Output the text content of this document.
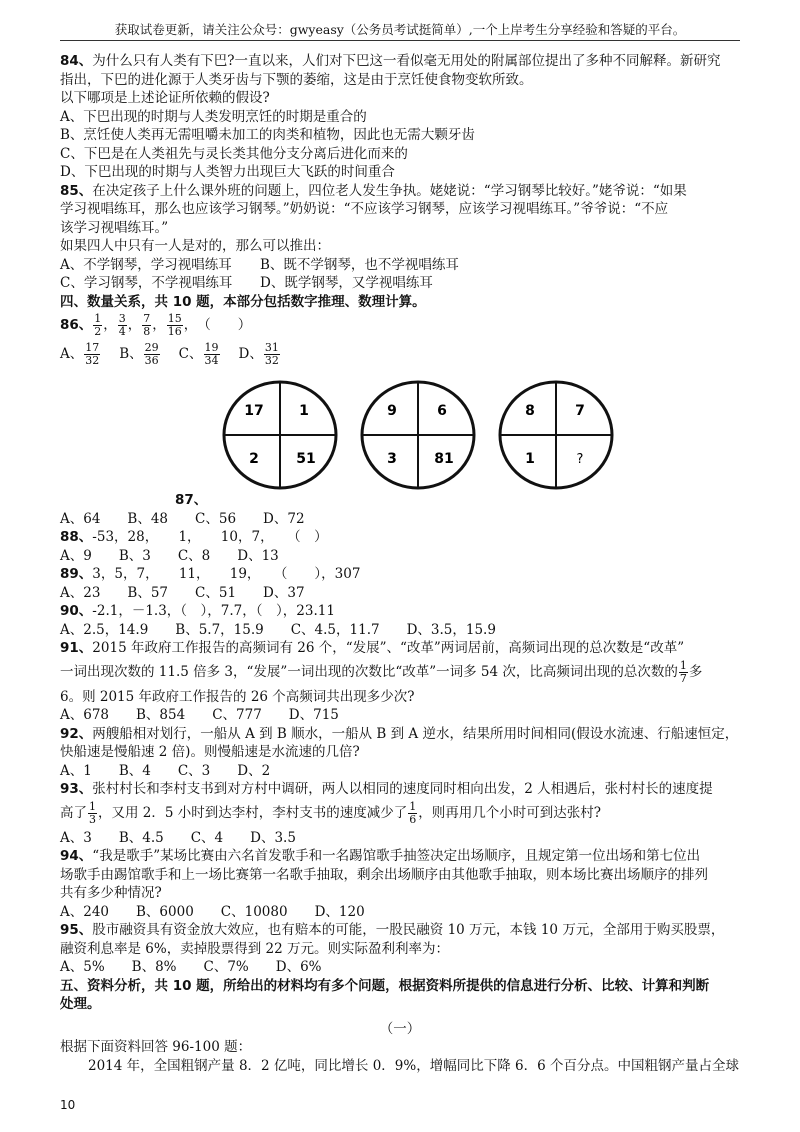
获取试卷更新，请关注公众号：gwyeasy（公务员考试挺简单）,一个上岸考生分享经验和答疑的平台。
84、为什么只有人类有下巴?一直以来，人们对下巴这一看似毫无用处的附属部位提出了多种不同解释。新研究
指出，下巴的进化源于人类牙齿与下颚的萎缩，这是由于烹饪使食物变软所致。
以下哪项是上述论证所依赖的假设?
A、下巴出现的时期与人类发明烹饪的时期是重合的
B、烹饪使人类再无需咀嚼未加工的肉类和植物，因此也无需大颗牙齿
C、下巴是在人类祖先与灵长类其他分支分离后进化而来的
D、下巴出现的时期与人类智力出现巨大飞跃的时间重合
85、在决定孩子上什么课外班的问题上，四位老人发生争执。姥姥说：“学习钢琴比较好。”姥爷说：“如果
学习视唱练耳，那么也应该学习钢琴。”奶奶说：“不应该学习钢琴，应该学习视唱练耳。”爷爷说：“不应
该学习视唱练耳。”
如果四人中只有一人是对的，那么可以推出：
A、不学钢琴，学习视唱练耳 B、既不学钢琴，也不学视唱练耳
C、学习钢琴，不学视唱练耳 D、既学钢琴，又学视唱练耳
四、数量关系，共 10 题，本部分包括数字推理、数理计算。
86、 $\frac{1}{2}$ ， $\frac{3}{4}$ ， $\frac{7}{8}$ ， $\frac{15}{16}$ ， （　　）
A、 $\frac{17}{32}$ B、 $\frac{29}{36}$ C、 $\frac{19}{34}$ D、 $\frac{31}{32}$
17	1
2	51
9	6
3	81
8	7
1	?
87、
A、64　　B、48　　C、56　　D、72
88、-53，28，　　1，　　10，7，　　（　）
A、9　　B、3　　C、8　　D、13
89、3，5，7，　　11，　　19，　　（　　），307
A、23　　B、57　　C、51　　D、37
90、-2.1，－1.3，（　），7.7，（　），23.11
A、2.5，14.9　　B、5.7，15.9　　C、4.5，11.7　　D、3.5，15.9
91、2015 年政府工作报告的高频词有 26 个，“发展”、“改革”两词居前，高频词出现的总次数是“改革”
一词出现次数的 11.5 倍多 3，“发展”一词出现的次数比“改革”一词多 54 次，比高频词出现的总次数的 $\frac{1}{7}$ 多
6。则 2015 年政府工作报告的 26 个高频词共出现多少次?
A、678　　B、854　　C、777　　D、715
92、两艘船相对划行，一船从 A 到 B 顺水，一船从 B 到 A 逆水，结果所用时间相同(假设水流速、行船速恒定，
快船速是慢船速 2 倍)。则慢船速是水流速的几倍?
A、1　　B、4　　C、3　　D、2
93、张村村长和李村支书到对方村中调研，两人以相同的速度同时相向出发，2 人相遇后，张村村长的速度提
高了 $\frac{1}{3}$ ，又用 2．5 小时到达李村，李村支书的速度减少了 $\frac{1}{6}$ ，则再用几个小时可到达张村?
A、3　　B、4.5　　C、4　　D、3.5
94、“我是歌手”某场比赛由六名首发歌手和一名踢馆歌手抽签决定出场顺序，且规定第一位出场和第七位出
场歌手由踢馆歌手和上一场比赛第一名歌手抽取，剩余出场顺序由其他歌手抽取，则本场比赛出场顺序的排列
共有多少种情况?
A、240　　B、6000　　C、10080　　D、120
95、股市融资具有资金放大效应，也有赔本的可能，一股民融资 10 万元，本钱 10 万元，全部用于购买股票，
融资利息率是 6%，卖掉股票得到 22 万元。则实际盈利利率为：
A、5%　　B、8%　　C、7%　　D、6%
五、资料分析，共 10 题，所给出的材料均有多个问题，根据资料所提供的信息进行分析、比较、计算和判断
处理。
（一）
根据下面资料回答 96-100 题：
2014 年，全国粗钢产量 8．2 亿吨，同比增长 0．9%，增幅同比下降 6．6 个百分点。中国粗钢产量占全球
10
